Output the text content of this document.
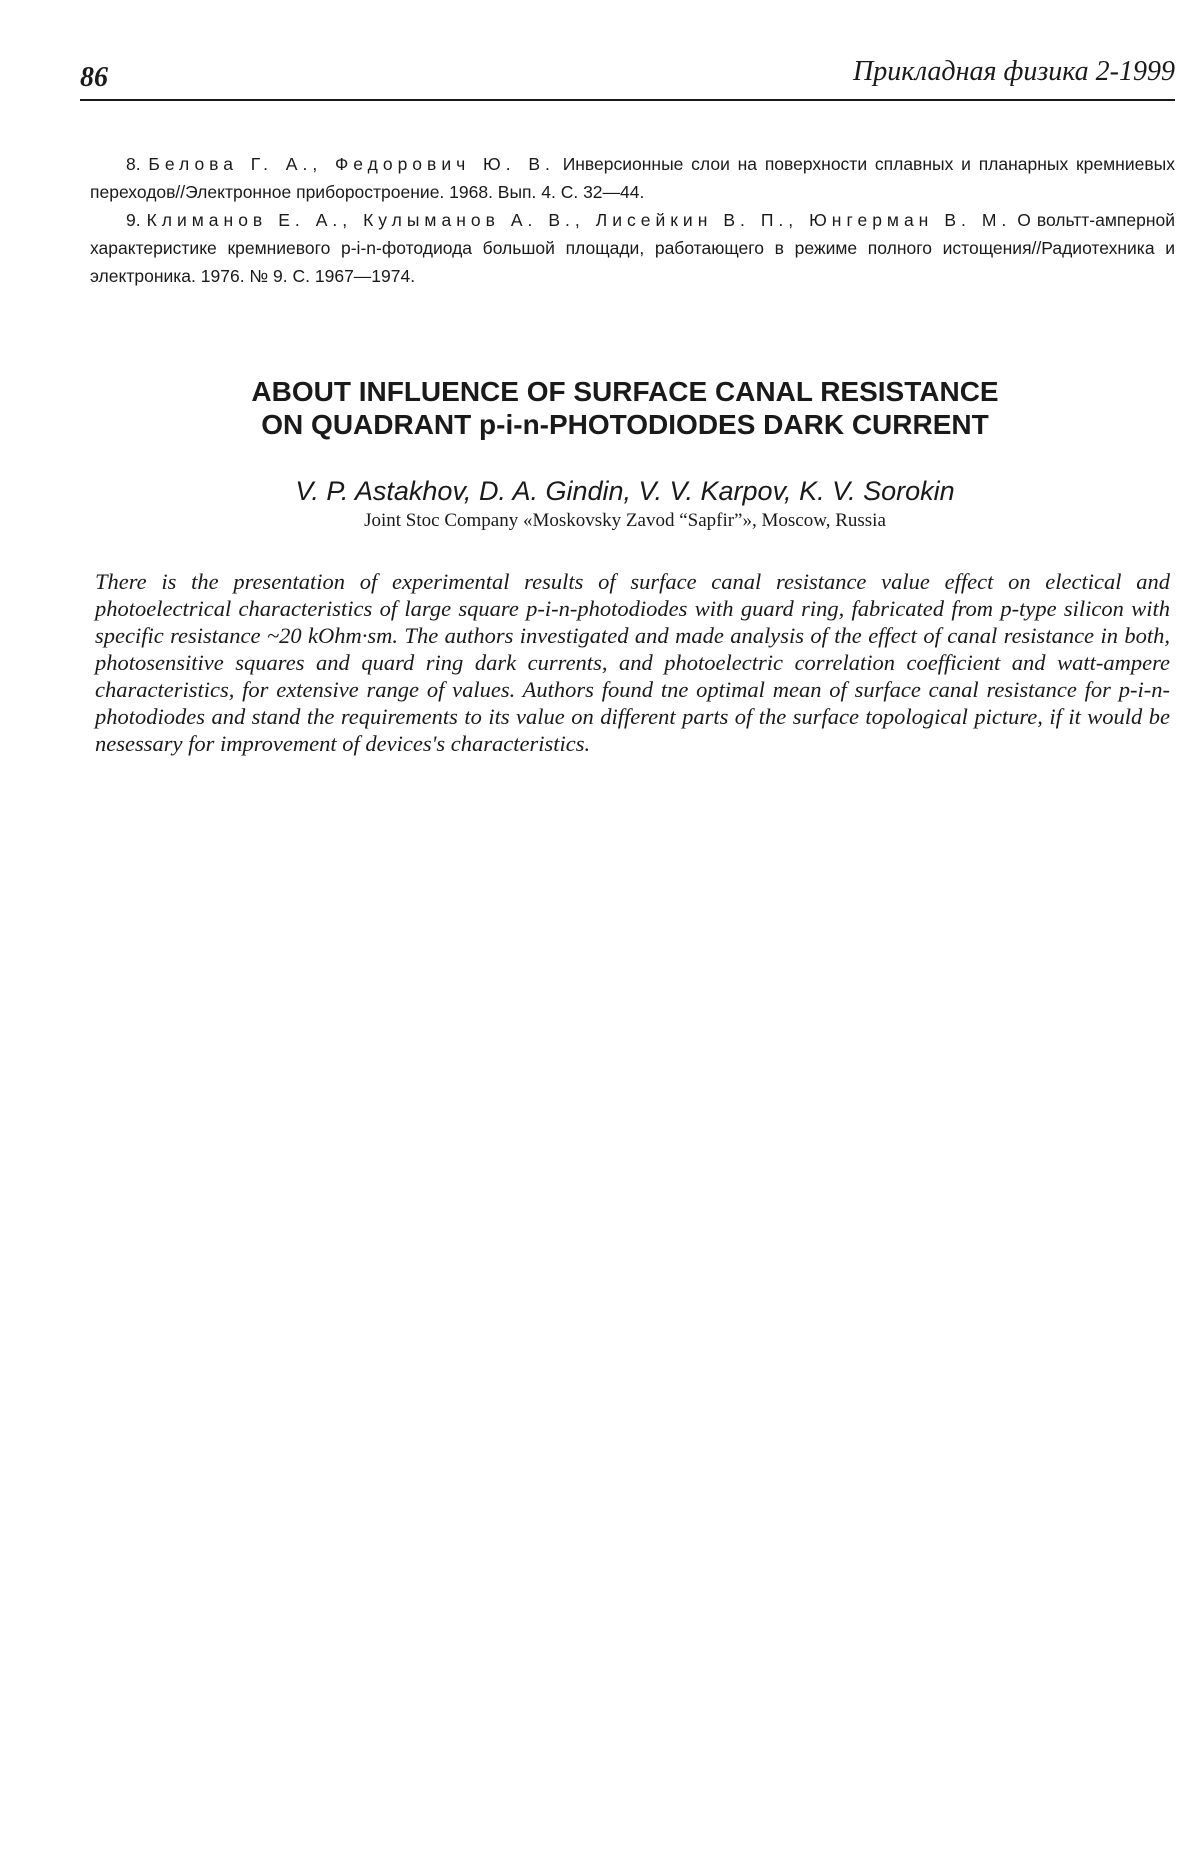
86	Прикладная физика 2-1999

8. Белова Г. А., Федорович Ю. В. Инверсионные слои на поверхности сплавных и планарных кремниевых переходов//Электронное приборостроение. 1968. Вып. 4. С. 32—44.

9. Климанов Е. А., Кулыманов А. В., Лисейкин В. П., Юнгерман В. М. О вольтт-амперной характеристике кремниевого p-i-n-фотодиода большой площади, работающего в режиме полного истощения//Радиотехника и электроника. 1976. № 9. С. 1967—1974.

ABOUT INFLUENCE OF SURFACE CANAL RESISTANCE
ON QUADRANT p-i-n-PHOTODIODES DARK CURRENT

V. P. Astakhov, D. A. Gindin, V. V. Karpov, K. V. Sorokin

Joint Stoc Company «Moskovsky Zavod “Sapfir”», Moscow, Russia

There is the presentation of experimental results of surface canal resistance value effect on electical and photoelectrical characteristics of large square p-i-n-photodiodes with guard ring, fabricated from p-type silicon with specific resistance ~20 kOhm·sm. The authors investigated and made analysis of the effect of canal resistance in both, photosensitive squares and quard ring dark currents, and photoelectric correlation coefficient and watt-ampere characteristics, for extensive range of values. Authors found tne optimal mean of surface canal resistance for p-i-n-photodiodes and stand the requirements to its value on different parts of the surface topological picture, if it would be nesessary for improvement of devices's characteristics.
